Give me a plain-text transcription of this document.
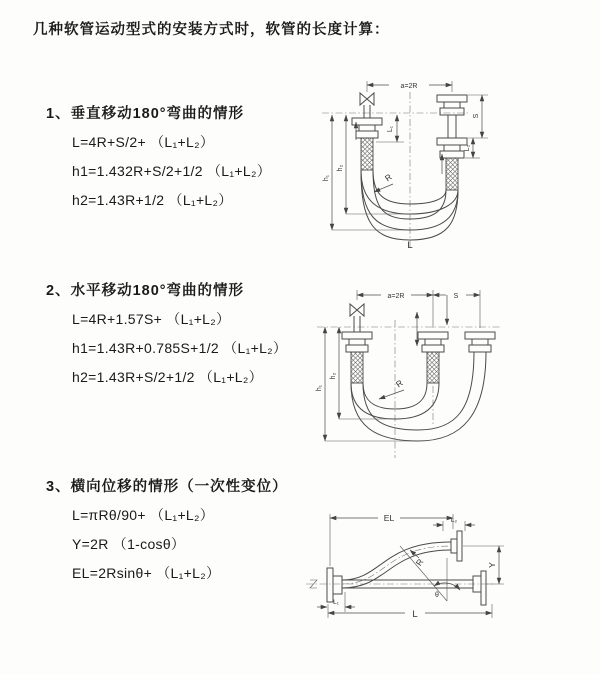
几种软管运动型式的安装方式时，软管的长度计算：
1、垂直移动180°弯曲的情形

L=4R+S/2+ （L₁+L₂）

h1=1.432R+S/2+1/2 （L₁+L₂）

h2=1.43R+1/2 （L₁+L₂）

a=2R
L₁
h₁
h₂
S
L₂
R
L
2、水平移动180°弯曲的情形

L=4R+1.57S+ （L₁+L₂）

h1=1.43R+0.785S+1/2 （L₁+L₂）

h2=1.43R+S/2+1/2 （L₁+L₂）

a=2R	S
h₁
h₂
R
3、横向位移的情形（一次性变位）

L=πRθ/90+ （L₁+L₂）

Y=2R （1-cosθ）

EL=2Rsinθ+ （L₁+L₂）

EL	L₂
Y
θ
R
L₁
L
